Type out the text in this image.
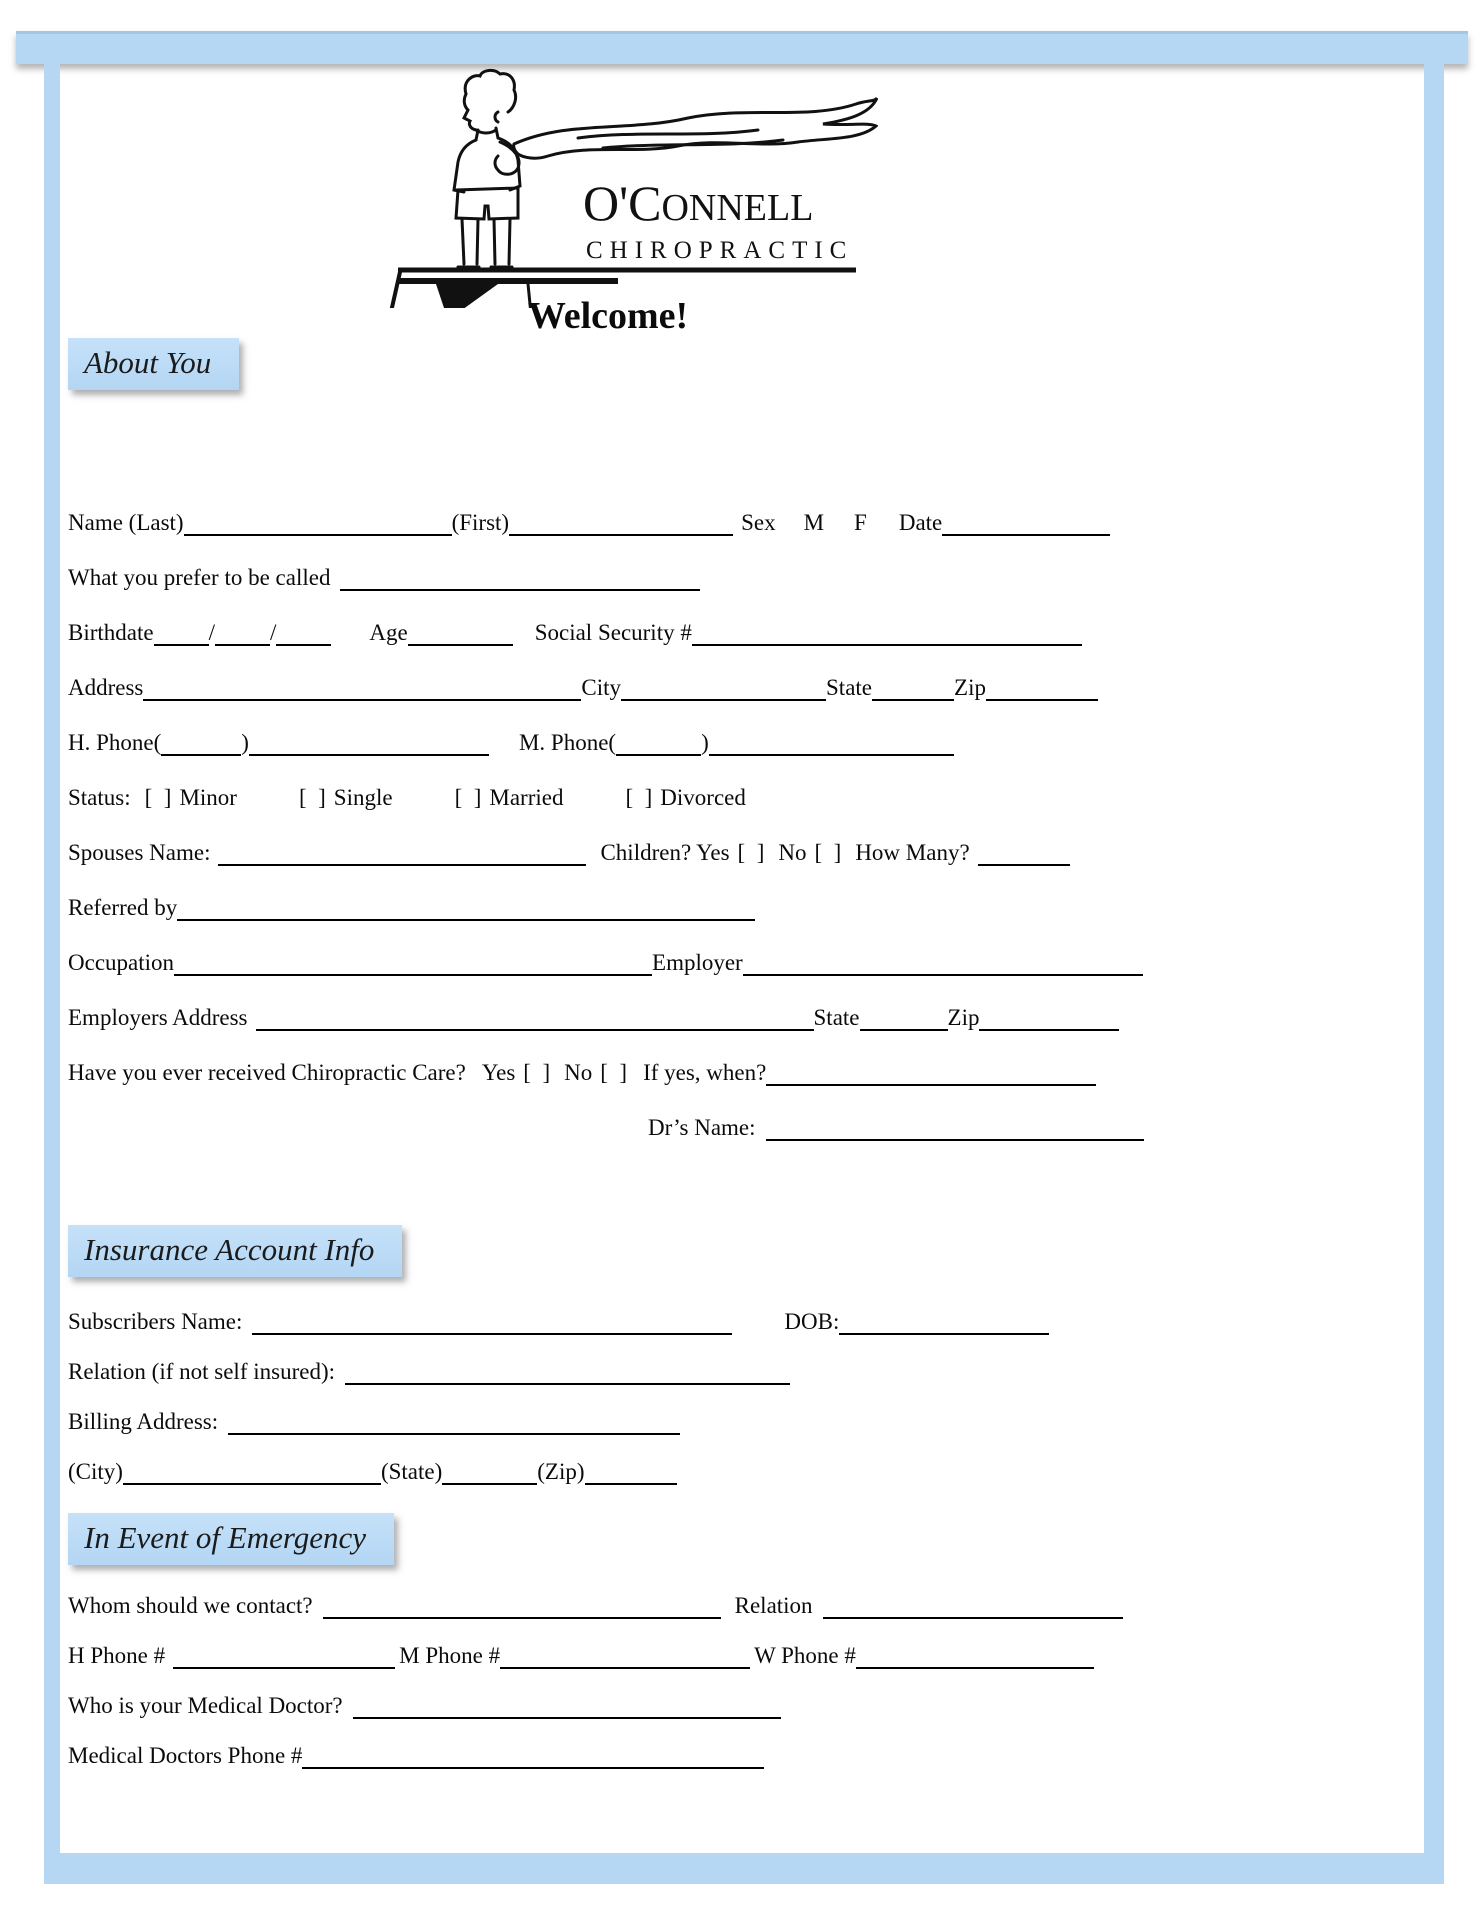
O'CONNELL
CHIROPRACTIC
Welcome!
About You
Name (Last)	(First)	Sex M F Date
What you prefer to be called
Birthdate / /	Age	Social Security #
Address	City	State	Zip
H. Phone(	)	M. Phone(	)
Status: [  ] Minor	[  ] Single	[  ] Married	[  ] Divorced
Spouses Name:	Children? Yes [  ] No [  ] How Many?
Referred by
Occupation	Employer
Employers Address	State	Zip
Have you ever received Chiropractic Care? Yes [  ] No [  ] If yes, when?
Dr’s Name:
Insurance Account Info
Subscribers Name:	DOB:
Relation (if not self insured):
Billing Address:
(City)	(State)	(Zip)
In Event of Emergency
Whom should we contact?	Relation
H Phone #	M Phone #	W Phone #
Who is your Medical Doctor?
Medical Doctors Phone #
